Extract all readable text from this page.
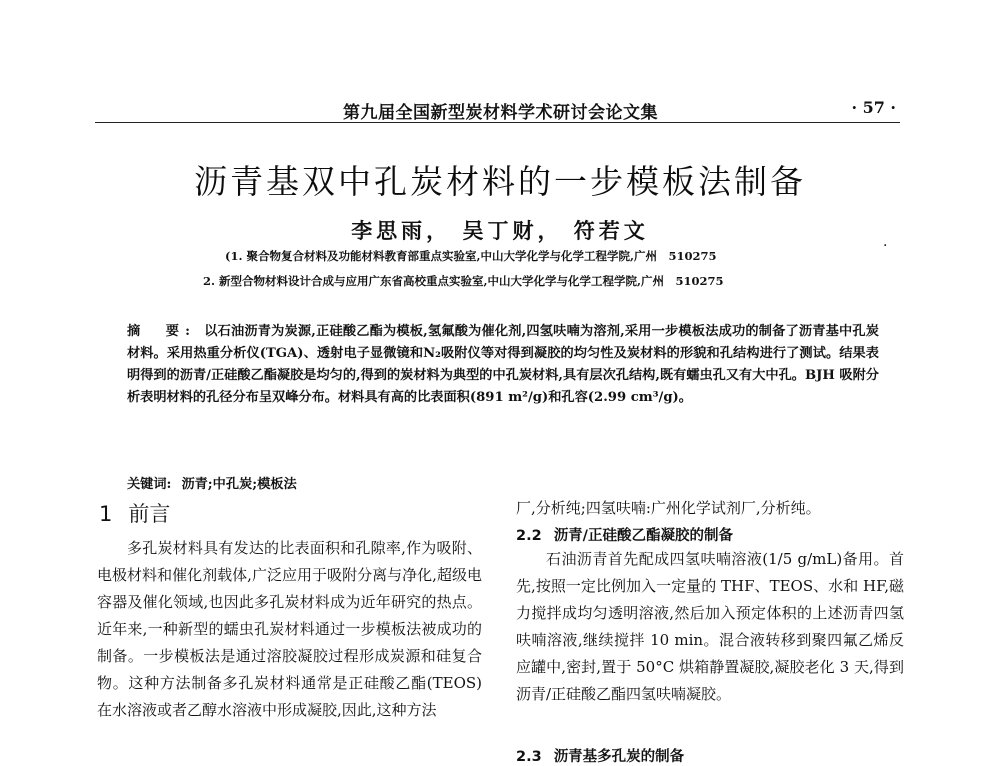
第九届全国新型炭材料学术研讨会论文集	· 57 ·
沥青基双中孔炭材料的一步模板法制备
李思雨， 吴丁财， 符若文
·
(1. 聚合物复合材料及功能材料教育部重点实验室,中山大学化学与化学工程学院,广州　510275
2. 新型合物材料设计合成与应用广东省高校重点实验室,中山大学化学与化学工程学院,广州　510275

摘　要: 以石油沥青为炭源,正硅酸乙酯为模板,氢氟酸为催化剂,四氢呋喃为溶剂,采用一步模板法成功的制备了沥青基中孔炭材料。采用热重分析仪(TGA)、透射电子显微镜和N₂吸附仪等对得到凝胶的均匀性及炭材料的形貌和孔结构进行了测试。结果表明得到的沥青/正硅酸乙酯凝胶是均匀的,得到的炭材料为典型的中孔炭材料,具有层次孔结构,既有蠕虫孔又有大中孔。BJH 吸附分析表明材料的孔径分布呈双峰分布。材料具有高的比表面积(891 m²/g)和孔容(2.99 cm³/g)。

关键词: 沥青;中孔炭;模板法
1 前言

多孔炭材料具有发达的比表面积和孔隙率,作为吸附、电极材料和催化剂载体,广泛应用于吸附分离与净化,超级电容器及催化领域,也因此多孔炭材料成为近年研究的热点。近年来,一种新型的蠕虫孔炭材料通过一步模板法被成功的制备。一步模板法是通过溶胶凝胶过程形成炭源和硅复合物。这种方法制备多孔炭材料通常是正硅酸乙酯(TEOS)在水溶液或者乙醇水溶液中形成凝胶,因此,这种方法

厂,分析纯;四氢呋喃:广州化学试剂厂,分析纯。

2.2 沥青/正硅酸乙酯凝胶的制备

石油沥青首先配成四氢呋喃溶液(1/5 g/mL)备用。首先,按照一定比例加入一定量的 THF、TEOS、水和 HF,磁力搅拌成均匀透明溶液,然后加入预定体积的上述沥青四氢呋喃溶液,继续搅拌 10 min。混合液转移到聚四氟乙烯反应罐中,密封,置于 50°C 烘箱静置凝胶,凝胶老化 3 天,得到沥青/正硅酸乙酯四氢呋喃凝胶。

2.3 沥青基多孔炭的制备
